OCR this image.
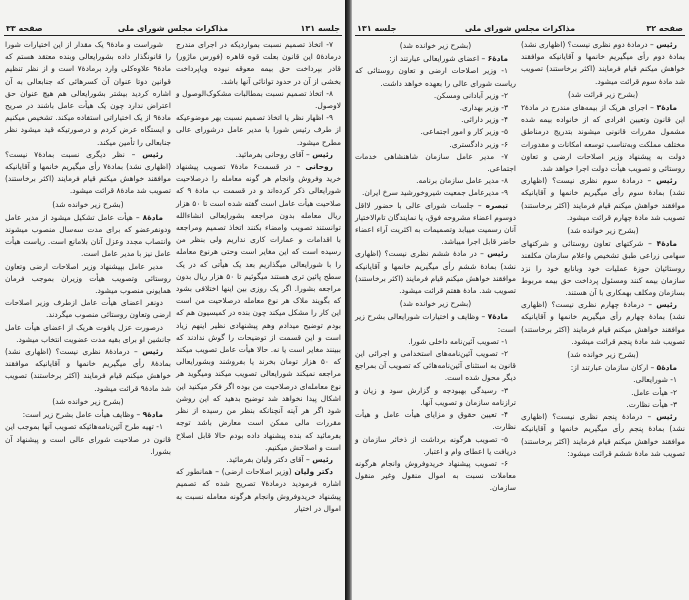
جلسه ۱۳۱
مذاکرات مجلس شورای ملی
صفحه ۳۳

۷- اتخاذ تصمیم نسبت بمواردیکه در اجرای مندرج درمادهٔ۵ این قانون بعلت قوه قاهره (فورس ماژور) قادر بپرداخت حق بیمه معوقه نبوده ویاپرداخت بخشی از آن در حدود توانائی آنها باشد.

۸- اتخاذ تصمیم نسبت بمطالبات مشکوک‌الوصول و لاوصول.

۹- اظهار نظر یا اتخاذ تصمیم نسبت بهر موضوعیکه از طرف رئیس شورا یا مدیر عامل درشورای عالی مطرح میشود.

رئیس – آقای روحانی بفرمائید.

روحانی – در قسمت۶ مادهٔ۷ تصویب پیشنهاد خرید وفروش وانجام هر گونه معامله را درصلاحیت شورایعالی ذکر کرده‌اند و در قسمت ب مادهٔ ۹ که صلاحیت هیأت عامل است گفته شده است تا ۵۰ هزار ریال معامله بدون مراجعه بشورایعالی انشاءالله توانستند تصویب وامضاء بکنند اتخاذ تصمیم ومراجعه با اقدامات و عمارات کاری نداریم ولی بنظر من رسیده است که این مغایر است وحتی هرنوع معامله را با شورایعالی میگذاریم بعد یک هیأتی که در یک سطح پائین تری هستند میگوئیم تا ۵۰ هزار ریال بدون مراجعه بشورا. اگر یک روزی بین اینها اختلافی بشود که بگویند ملاک هر نوع معامله درصلاحیت من است این کار را مشکل میکند چون بنده در کمیسیون هم که بودم توضیح میدادم وهم پیشنهادی نظیر اینهم زیاد است و این قسمت از توضیحات را گوش ندادند که ببینند مغایر است یا نه. حالا هیأت عامل تصویب میکند که ۵۰ هزار تومان بخرند یا بفروشند وبشورایعالی مراجعه نمیکند شورایعالی تصویب میکند ومیگوید هر نوع معامله‌ای درصلاحیت من بوده اگر فکر میکنید این اشکال پیدا نخواهد شد توضیح بدهید که این روشن شود اگر هر آینه آنچنانکه بنظر من رسیده از نظر مقررات مالی ممکن است معارض باشد توجه بفرمائید که بنده پیشنهاد داده بودم حالا قابل اصلاح است و اصلاحش میکنیم.

رئیس – آقای دکتر ولیان بفرمائید.

دکتر ولیان (وزیر اصلاحات ارضی) – همانطور که اشاره فرمودید درمادهٔ۷ تصریح شده که تصمیم پیشنهاد خریدوفروش وانجام هرگونه معامله نسبت به اموال در اختیار

شوراست و مادهٔ۹ یک مقدار از این اختیارات شورا را قانونگذار داده بشورایعالی وبنده معتقد هستم که مادهٔ۹ علاوه‌کلی وارد برمادهٔ۷ است و از نظر تنظیم قوانین دوتا عنوان آن کسرهائی که جنابعالی به آن اشاره کردید بیشتر بشورایعالی هم هیچ عنوان حق اعتراض ندارد چون یک هیأت عامل باشند در صریح مادهٔ۹ از یک اختیاراتی استفاده میکند. تشخیص میکنیم و ایستگاه عرض کردم و درصورتیکه قید میشود نظر جنابعالی را تأمین میکند.

رئیس – نظر دیگری نسبت بمادهٔ۷ نیست؟ (اظهاری نشد) بمادهٔ۷ رأی میگیریم خانمها و آقایانیکه موافقند خواهش میکنم قیام فرمایند (اکثر برخاستند) تصویب شد مادهٔ۸ قرائت میشود.

(بشرح زیر خوانده شد)

مادهٔ۸ – هیأت عامل تشکیل میشود از مدیر عامل ودونفرعضو که برای مدت سه‌سال منصوب میشوند وانتصاب مجدد وعزل آنان بلامانع است. ریاست هیأت عامل نیز با مدیر عامل است.

مدیر عامل بپیشنهاد وزیر اصلاحات ارضی وتعاون روستائی وتصویب هیأت وزیران بموجب فرمان همایونی منصوب میشود.

دونفر اعضای هیأت عامل ازطرف وزیر اصلاحات ارضی وتعاون روستائی منصوب میگردند.

درصورت عزل یافوت هریک از اعضای هیأت عامل جانشین او برای بقیه مدت عضویت انتخاب میشود.

رئیس – درمادهٔ۸ نظری نیست؟ (اظهاری نشد) بمادهٔ۸ رأی میگیریم خانمها و آقایانیکه موافقند خواهش میکنم قیام فرمایند (اکثر برخاستند) تصویب شد مادهٔ۹ قرائت میشود.

(بشرح زیر خوانده شد)

مادهٔ۹ – وظایف هیأت عامل بشرح زیر است:

۱- تهیه طرح آئین‌نامه‌هائیکه تصویب آنها بموجب این قانون در صلاحیت شورای عالی است و پیشنهاد آن بشورا.

جلسه ۱۳۱	مذاکرات مجلس شورای ملی	صفحه ۳۲

رئیس – درمادهٔ دوم نظری نیست؟ (اظهاری نشد) بمادهٔ دوم رأی میگیریم خانمها و آقایانیکه موافقند خواهش میکنم قیام فرمایند (اکثر برخاستند) تصویب شد مادهٔ سوم قرائت میشود.

(بشرح زیر قرائت شد)

مادهٔ۳ – اجرای هریک از بیمه‌های مندرج در مادهٔ۲ این قانون وتعیین افرادی که از خانواده بیمه شده مشمول مقررات قانونی میشوند بتدریج درمناطق مختلف مملکت وبه‌تناسب توسعه امکانات و مقدورات دولت به پیشنهاد وزیر اصلاحات ارضی و تعاون روستائی و تصویب هیأت دولت اجرا خواهد شد.

رئیس – درمادهٔ سوم نظری نیست؟ (اظهاری نشد) بمادهٔ سوم رأی میگیریم خانمها و آقایانیکه موافقند خواهش میکنم قیام فرمایند (اکثر برخاستند) تصویب شد مادهٔ چهارم قرائت میشود.

(بشرح زیر خوانده شد)

مادهٔ۴ – شرکتهای تعاون روستائی و شرکتهای سهامی زراعی طبق تشخیص واعلام سازمان مکلفند روستائیان حوزهٔ عملیات خود وبانابع خود را نزد سازمان بیمه کنند ومسئول پرداخت حق بیمه مربوط بسازمان ومکلف بهمکاری با آن هستند.

رئیس – درمادهٔ چهارم نظری نیست؟ (اظهاری نشد) بمادهٔ چهارم رأی میگیریم خانمها و آقایانیکه موافقند خواهش میکنم قیام فرمایند (اکثر برخاستند) تصویب شد مادهٔ پنجم قرائت میشود.

(بشرح زیر خوانده شد)

مادهٔ۵ – ارکان سازمان عبارتند از:

۱- شورایعالی.

۲- هیأت عامل.

۳- هیأت نظارت.

رئیس – درمادهٔ پنجم نظری نیست؟ (اظهاری نشد) بمادهٔ پنجم رأی میگیریم خانمها و آقایانیکه موافقند خواهش میکنم قیام فرمایند (اکثر برخاستند) تصویب شد مادهٔ ششم قرائت میشود:

(بشرح زیر خوانده شد)

مادهٔ۶ – اعضای شورایعالی عبارتند از:

۱- وزیر اصلاحات ارضی و تعاون روستائی که ریاست شورای عالی را بعهده خواهد داشت.

۲- وزیر آبادانی ومسکن.

۳- وزیر بهداری.

۴- وزیر دارائی.

۵- وزیر کار و امور اجتماعی.

۶- وزیر دادگستری.

۷- مدیر عامل سازمان شاهنشاهی خدمات اجتماعی.

۸- مدیر عامل سازمان برنامه.

۹- مدیرعامل جمعیت شیروخورشید سرخ ایران.

تبصره – جلسات شورای عالی با حضور لااقل دوسوم اعضاء مشروحه فوق، یا نمایندگان تام‌الاختیار آنان رسمیت مییابد وتصمیمات به اکثریت آراء اعضاء حاضر قابل اجرا میباشد.

رئیس – در مادهٔ ششم نظری نیست؟ (اظهاری نشد) بمادهٔ ششم رأی میگیریم خانمها و آقایانیکه موافقند خواهش میکنم قیام فرمایند (اکثر برخاستند) تصویب شد. مادهٔ هفتم قرائت میشود.

(بشرح زیر خوانده شد)

مادهٔ۷ – وظایف و اختیارات شورایعالی بشرح زیر است:

۱- تصویب آئین‌نامه داخلی شورا.

۲- تصویب آئین‌نامه‌های استخدامی و اجرائی این قانون به استثنای آئین‌نامه‌هائی که تصویب آن بمراجع دیگر محول شده است.

۳- رسیدگی بهبودجه و گزارش سود و زیان و ترازنامه سازمان و تصویب آنها.

۴- تعیین حقوق و مزایای هیأت عامل و هیأت نظارت.

۵- تصویب هرگونه برداشت از ذخائر سازمان و دریافت یا اعطای وام و اعتبار.

۶- تصویب پیشنهاد خریدوفروش وانجام هرگونه معاملات نسبت به اموال منقول وغیر منقول سازمان.
